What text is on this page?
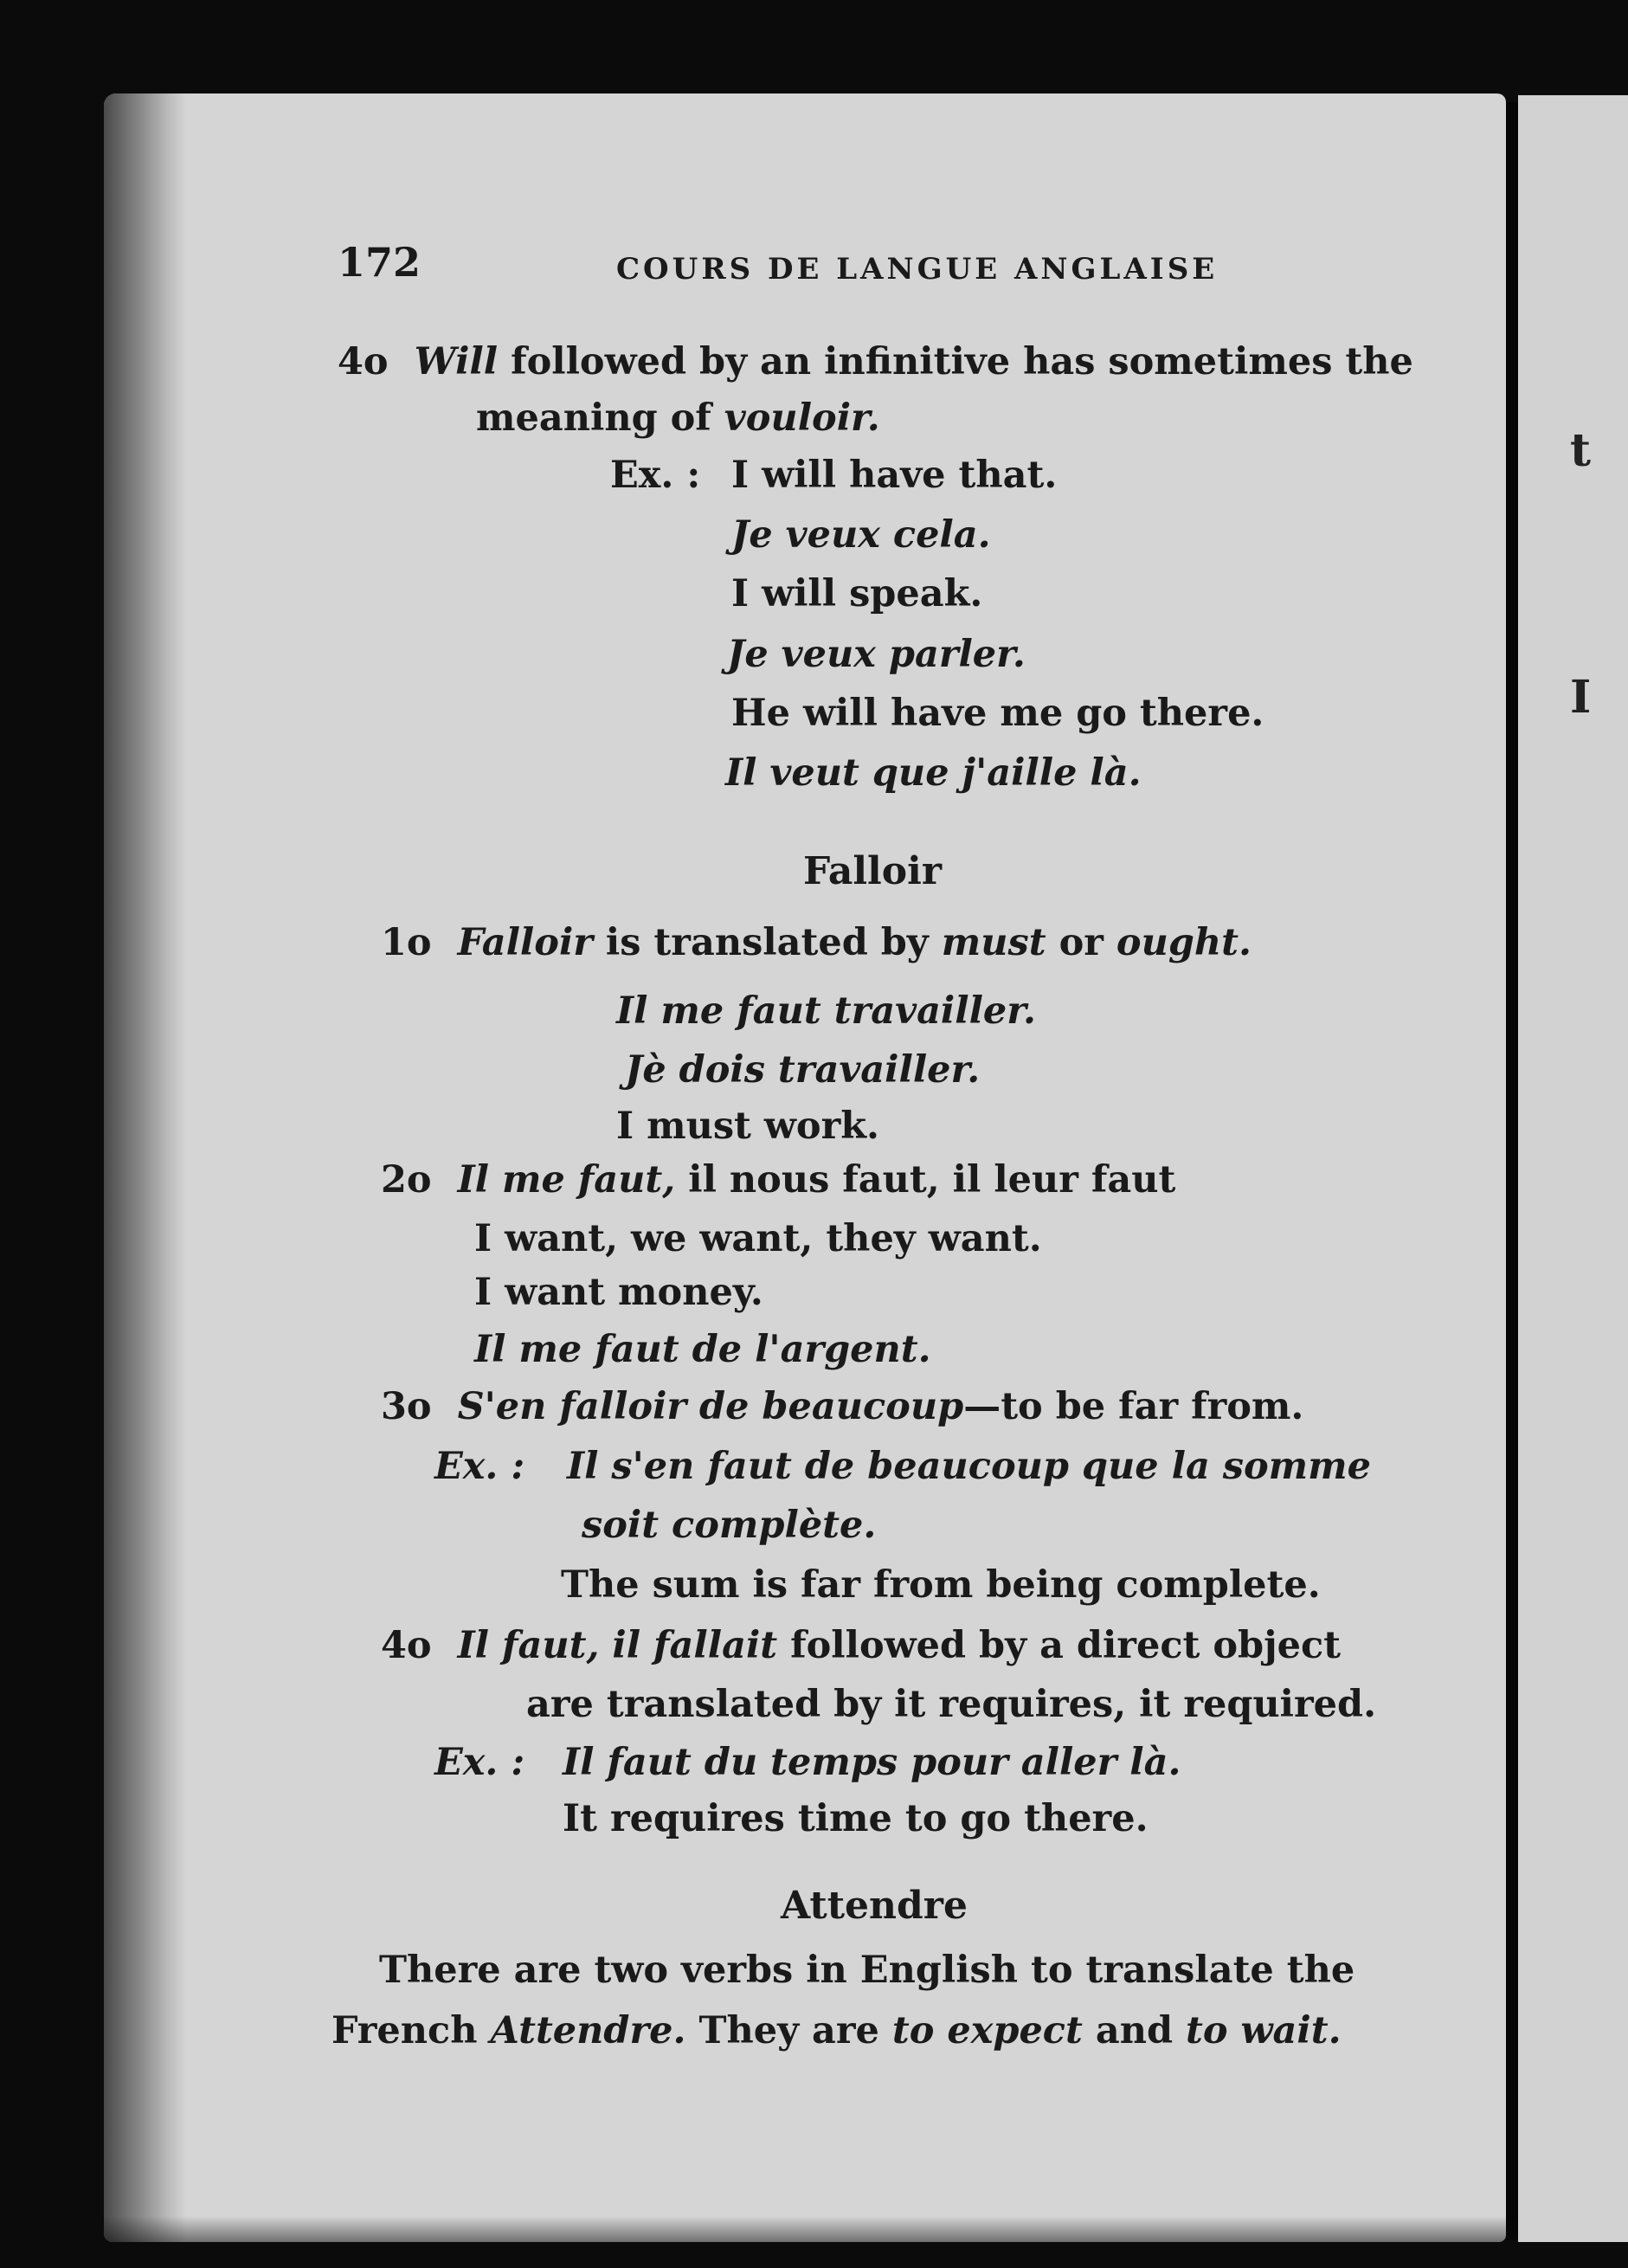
t
I
172	COURS DE LANGUE ANGLAISE
4o Will followed by an infinitive has sometimes the
meaning of vouloir.
Ex. : I will have that.
Je veux cela.
I will speak.
Je veux parler.
He will have me go there.
Il veut que j'aille là.
Falloir
1o Falloir is translated by must or ought.
Il me faut travailler.
Jè dois travailler.
I must work.
2o Il me faut, il nous faut, il leur faut
I want, we want, they want.
I want money.
Il me faut de l'argent.
3o S'en falloir de beaucoup—to be far from.
Ex. : Il s'en faut de beaucoup que la somme
soit complète.
The sum is far from being complete.
4o Il faut, il fallait followed by a direct object
are translated by it requires, it required.
Ex. : Il faut du temps pour aller là.
It requires time to go there.
Attendre
There are two verbs in English to translate the
French Attendre. They are to expect and to wait.
